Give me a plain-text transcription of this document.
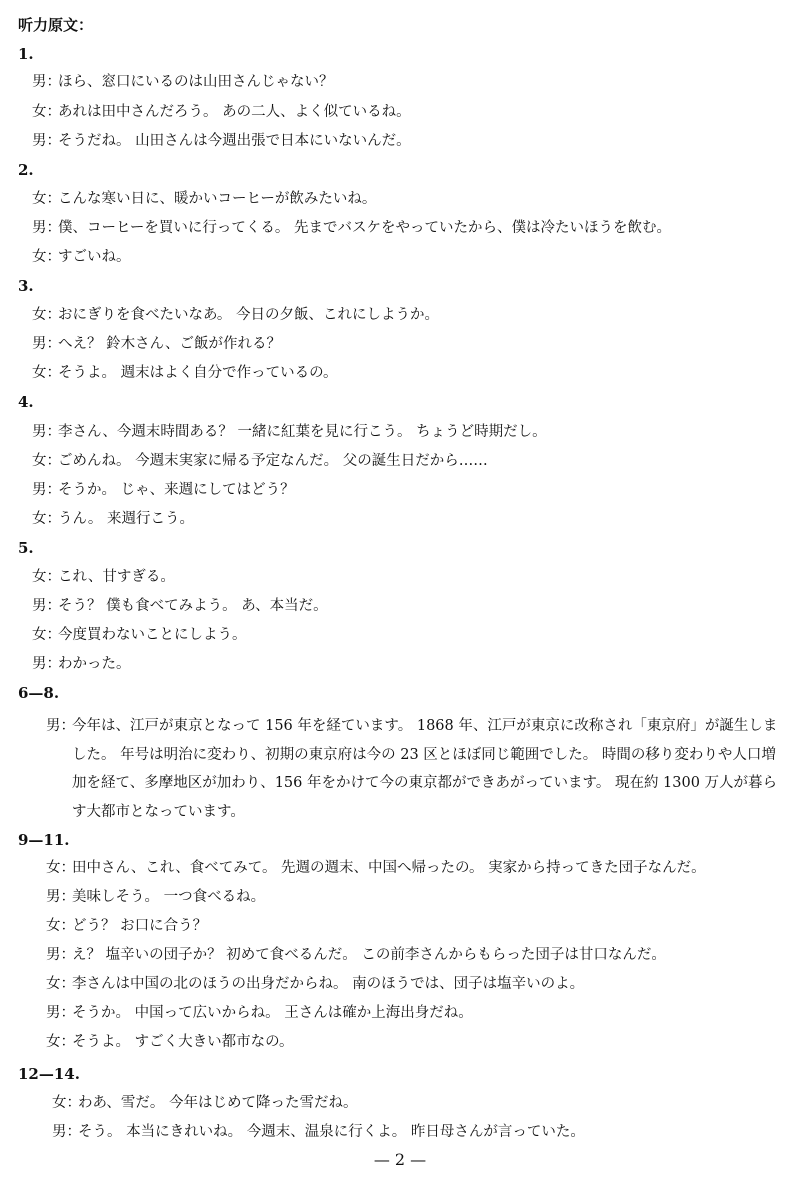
听力原文：
1.
男：
ほら、窓口にいるのは山田さんじゃない？
女：
あれは田中さんだろう。 あの二人、よく似ているね。
男：
そうだね。 山田さんは今週出張で日本にいないんだ。
2.
女：
こんな寒い日に、暖かいコーヒーが飲みたいね。
男：
僕、コーヒーを買いに行ってくる。 先までバスケをやっていたから、僕は冷たいほうを飲む。
女：
すごいね。
3.
女：
おにぎりを食べたいなあ。 今日の夕飯、これにしようか。
男：
へえ？ 鈴木さん、ご飯が作れる？
女：
そうよ。 週末はよく自分で作っているの。
4.
男：
李さん、今週末時間ある？ 一緒に紅葉を見に行こう。 ちょうど時期だし。
女：
ごめんね。 今週末実家に帰る予定なんだ。 父の誕生日だから……
男：
そうか。 じゃ、来週にしてはどう？
女：
うん。 来週行こう。
5.
女：
これ、甘すぎる。
男：
そう？ 僕も食べてみよう。 あ、本当だ。
女：
今度買わないことにしよう。
男：
わかった。
6—8.
男：
今年は、江戸が東京となって 156 年を経ています。 1868 年、江戸が東京に改称され「東京府」が誕生しました。 年号は明治に変わり、初期の東京府は今の 23 区とほぼ同じ範囲でした。 時間の移り変わりや人口増加を経て、多摩地区が加わり、156 年をかけて今の東京都ができあがっています。 現在約 1300 万人が暮らす大都市となっています。
9—11.
女：
田中さん、これ、食べてみて。 先週の週末、中国へ帰ったの。 実家から持ってきた団子なんだ。
男：
美味しそう。 一つ食べるね。
女：
どう？ お口に合う？
男：
え？ 塩辛いの団子か？ 初めて食べるんだ。 この前李さんからもらった団子は甘口なんだ。
女：
李さんは中国の北のほうの出身だからね。 南のほうでは、団子は塩辛いのよ。
男：
そうか。 中国って広いからね。 王さんは確か上海出身だね。
女：
そうよ。 すごく大きい都市なの。
12—14.
女：
わあ、雪だ。 今年はじめて降った雪だね。
男：
そう。 本当にきれいね。 今週末、温泉に行くよ。 昨日母さんが言っていた。
— 2 —
